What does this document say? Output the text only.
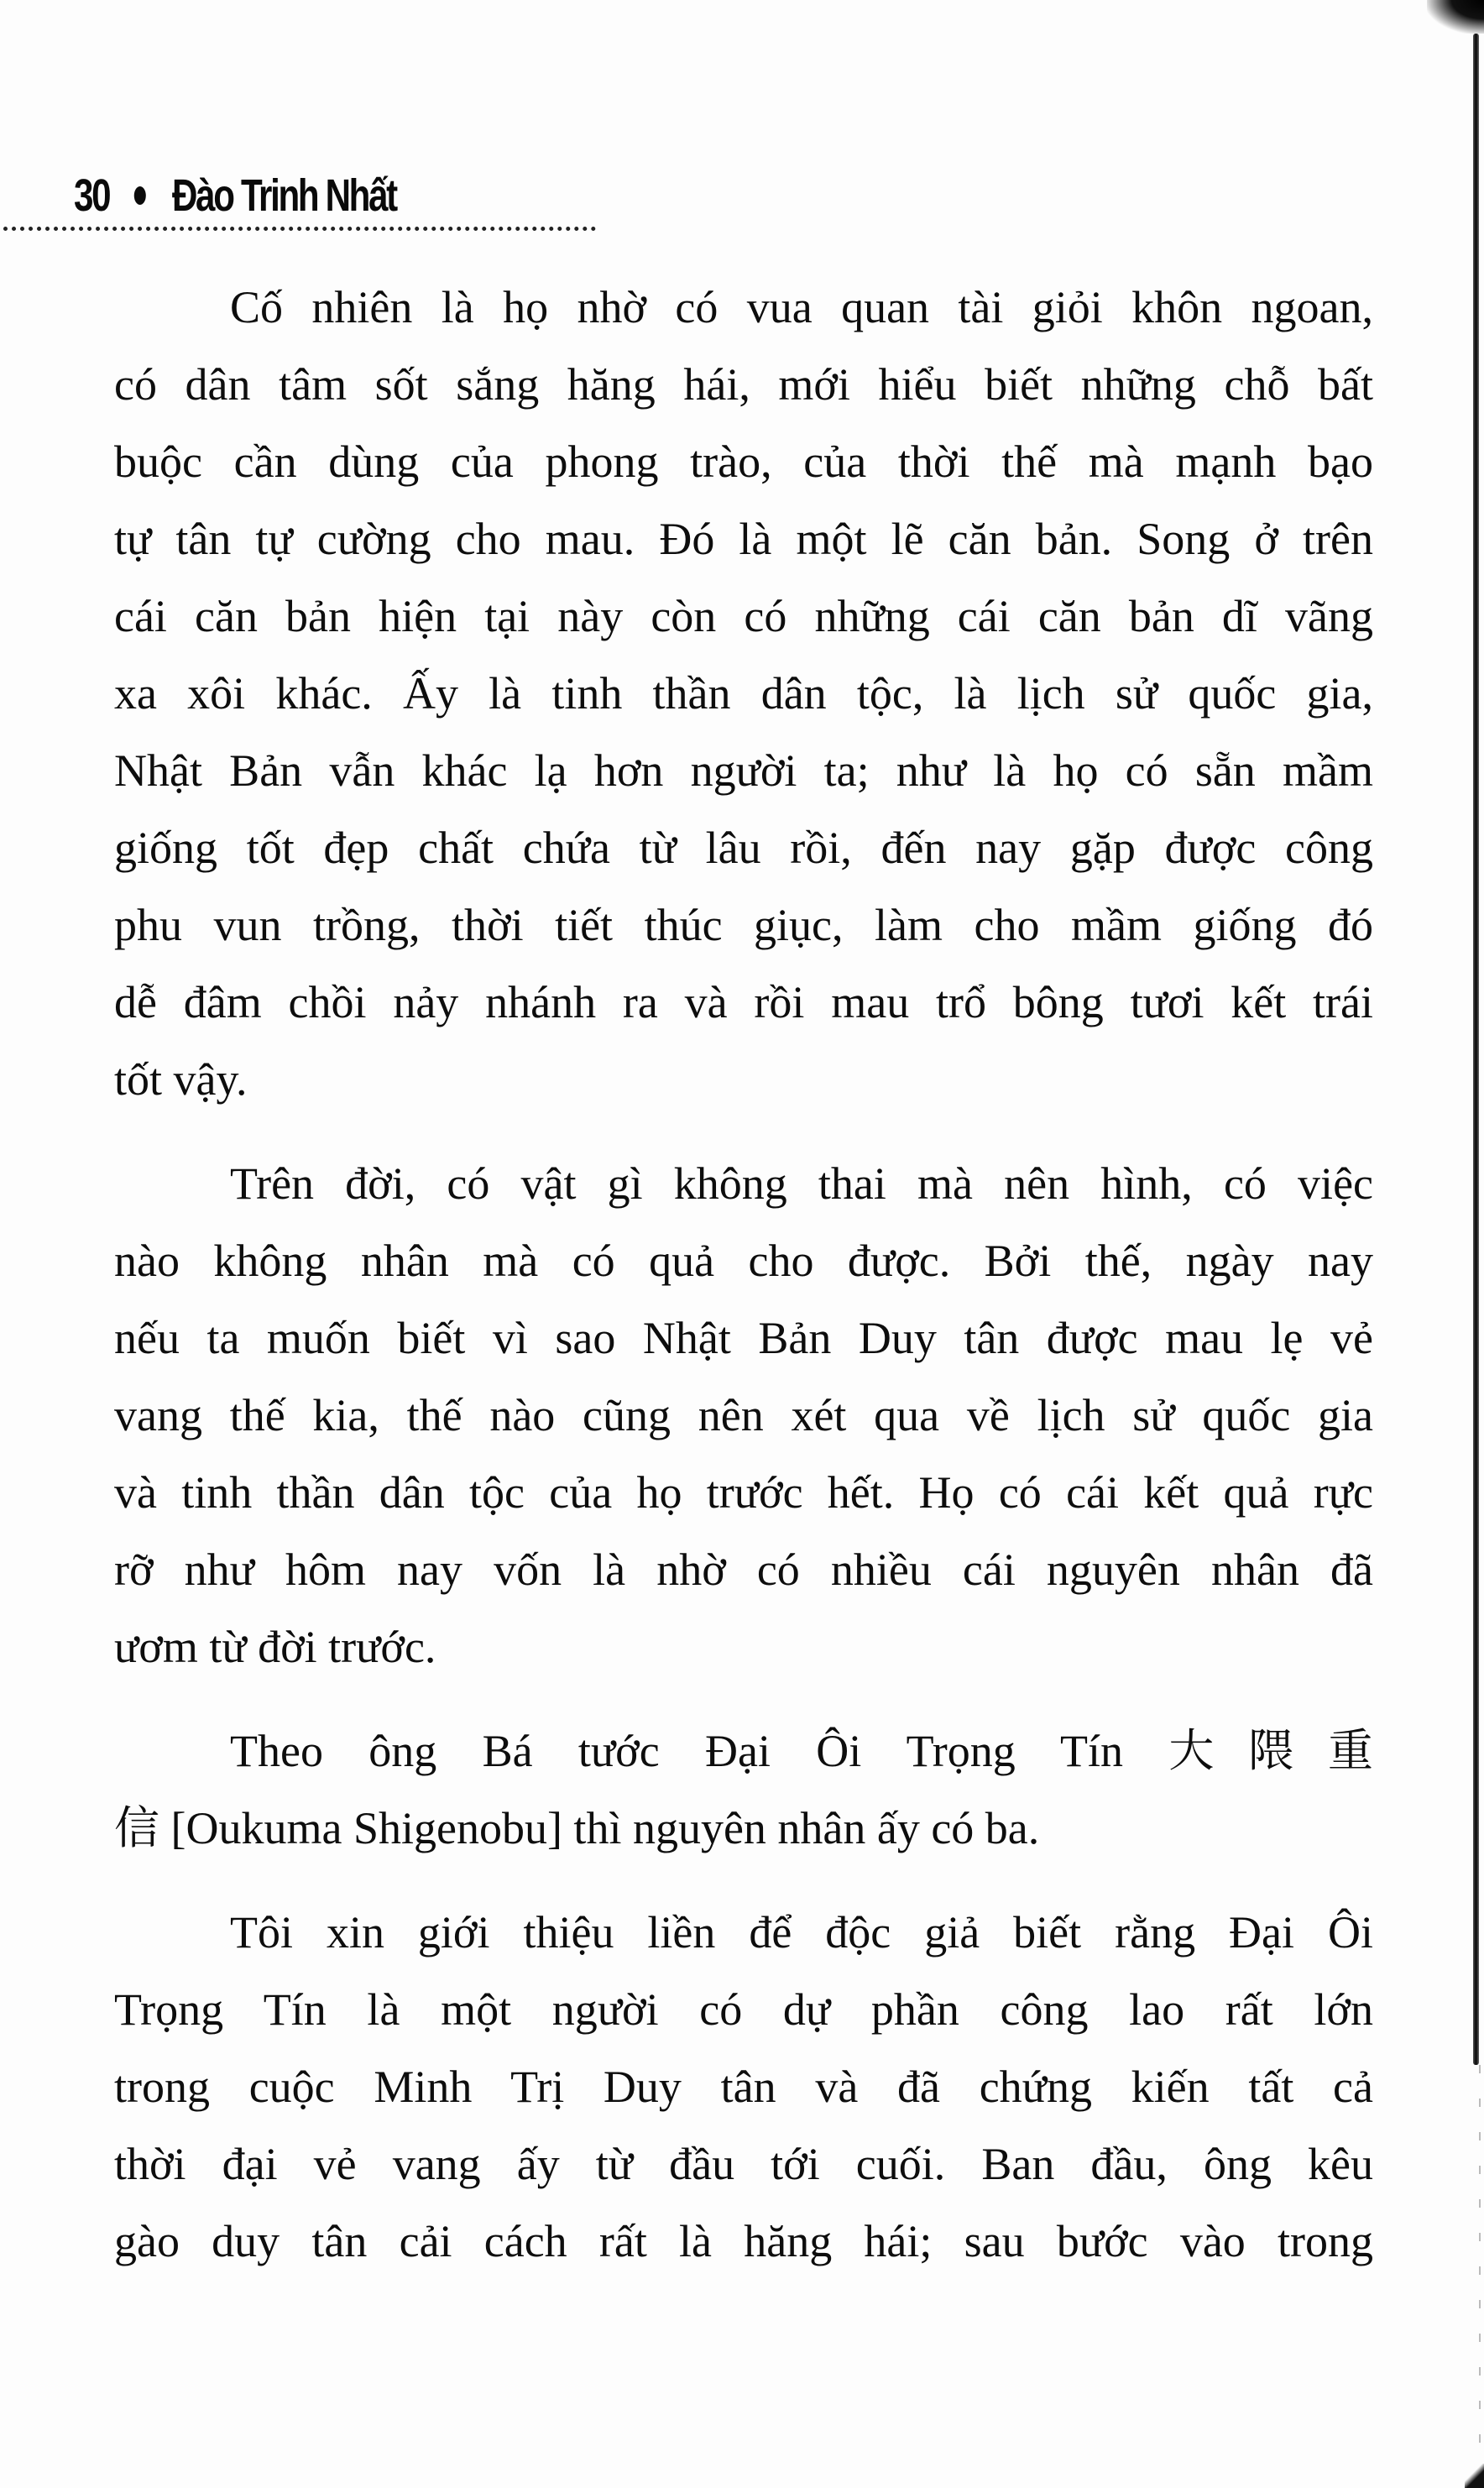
30 Đào Trinh Nhất
Cố nhiên là họ nhờ có vua quan tài giỏi khôn ngoan,
có dân tâm sốt sắng hăng hái, mới hiểu biết những chỗ bất
buộc cần dùng của phong trào, của thời thế mà mạnh bạo
tự tân tự cường cho mau. Đó là một lẽ căn bản. Song ở trên
cái căn bản hiện tại này còn có những cái căn bản dĩ vãng
xa xôi khác. Ấy là tinh thần dân tộc, là lịch sử quốc gia,
Nhật Bản vẫn khác lạ hơn người ta; như là họ có sẵn mầm
giống tốt đẹp chất chứa từ lâu rồi, đến nay gặp được công
phu vun trồng, thời tiết thúc giục, làm cho mầm giống đó
dễ đâm chồi nảy nhánh ra và rồi mau trổ bông tươi kết trái
tốt vậy.
Trên đời, có vật gì không thai mà nên hình, có việc
nào không nhân mà có quả cho được. Bởi thế, ngày nay
nếu ta muốn biết vì sao Nhật Bản Duy tân được mau lẹ vẻ
vang thế kia, thế nào cũng nên xét qua về lịch sử quốc gia
và tinh thần dân tộc của họ trước hết. Họ có cái kết quả rực
rỡ như hôm nay vốn là nhờ có nhiều cái nguyên nhân đã
ươm từ đời trước.
Theo ông Bá tước Đại Ôi Trọng Tín 大隈重
信 [Oukuma Shigenobu] thì nguyên nhân ấy có ba.
Tôi xin giới thiệu liền để độc giả biết rằng Đại Ôi
Trọng Tín là một người có dự phần công lao rất lớn
trong cuộc Minh Trị Duy tân và đã chứng kiến tất cả
thời đại vẻ vang ấy từ đầu tới cuối. Ban đầu, ông kêu
gào duy tân cải cách rất là hăng hái; sau bước vào trong
